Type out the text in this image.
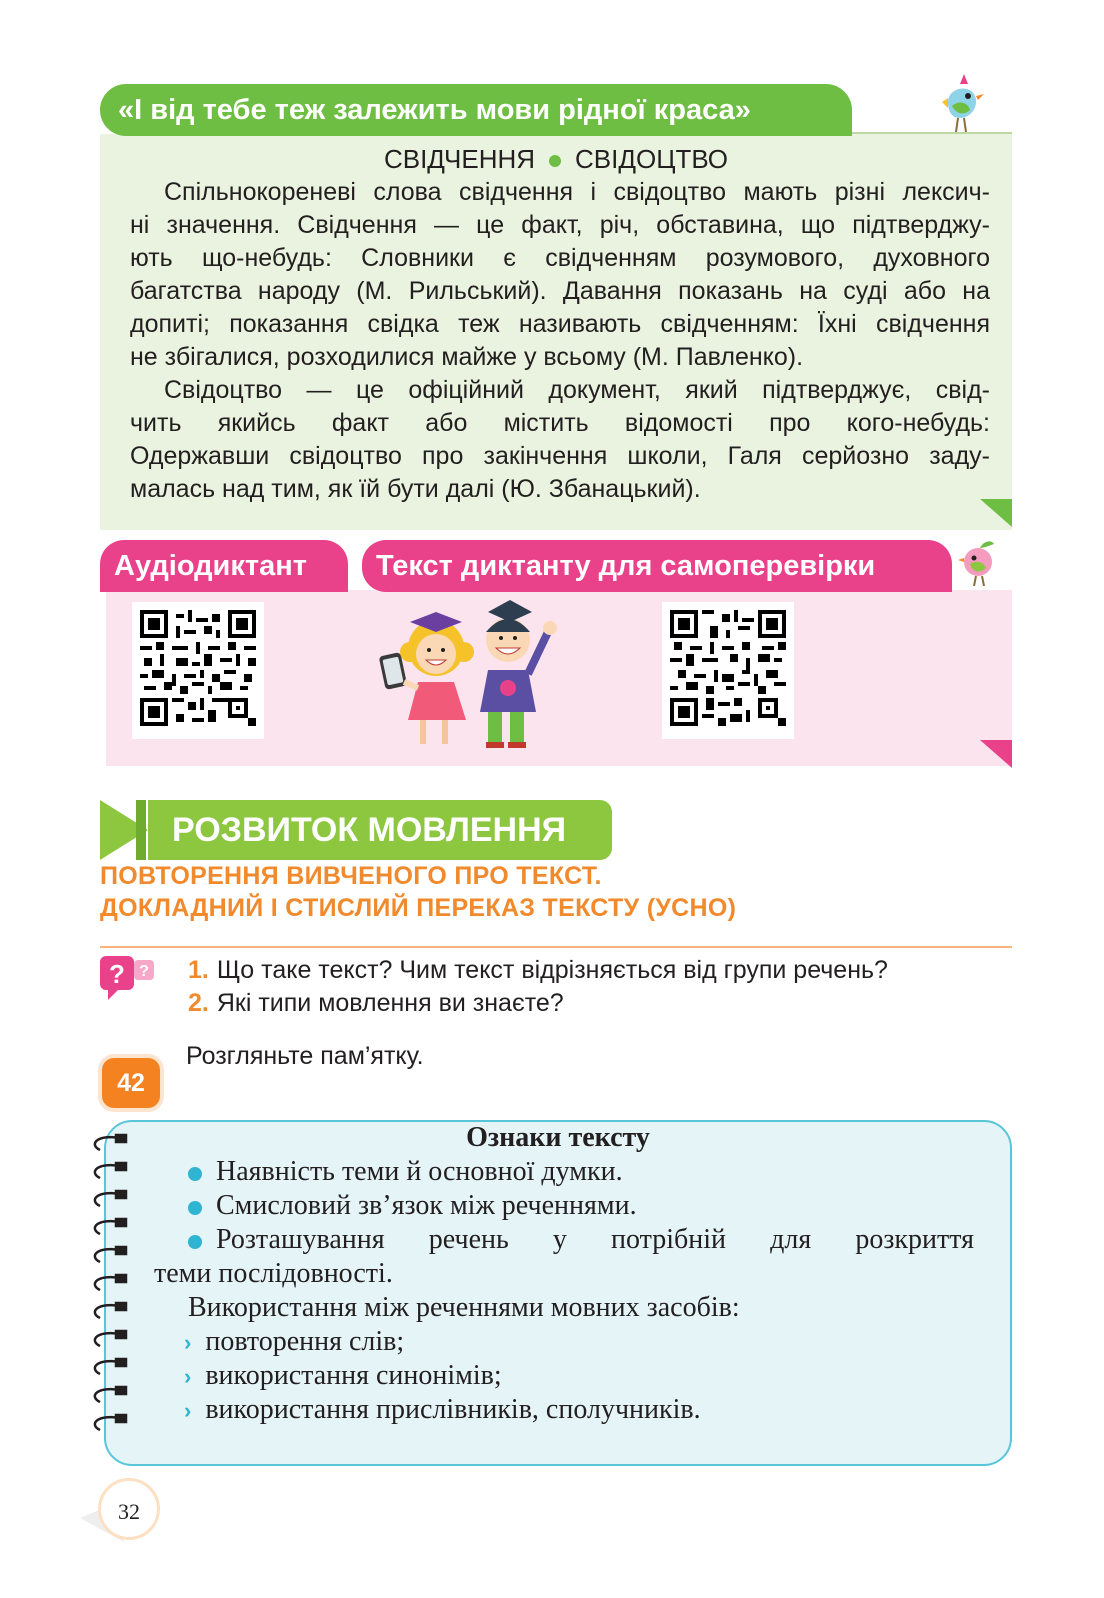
«І від тебе теж залежить мови рідної краса»
СВІДЧЕННЯ СВІДОЦТВО
Спільнокореневі слова свідчення і свідоцтво мають різні лексич-
ні значення. Свідчення — це факт, річ, обставина, що підтверджу-
ють що-небудь: Словники є свідченням розумового, духовного
багатства народу (М. Рильський). Давання показань на суді або на
допиті; показання свідка теж називають свідченням: Їхні свідчення
не збігалися, розходилися майже у всьому (М. Павленко).
Свідоцтво — це офіційний документ, який підтверджує, свід-
чить якийсь факт або містить відомості про кого-небудь:
Одержавши свідоцтво про закінчення школи, Галя серйозно заду-
малась над тим, як їй бути далі (Ю. Збанацький).
Аудіодиктант	Текст диктанту для самоперевірки
РОЗВИТОК МОВЛЕННЯ
ПОВТОРЕННЯ ВИВЧЕНОГО ПРО ТЕКСТ.
ДОКЛАДНИЙ І СТИСЛИЙ ПЕРЕКАЗ ТЕКСТУ (УСНО)
? ? 1. Що таке текст? Чим текст відрізняється від групи речень?
2. Які типи мовлення ви знаєте?
42
Розгляньте пам’ятку.
Ознаки тексту
Наявність теми й основної думки.
Смисловий зв’язок між реченнями.
Розташування речень у потрібній для розкриття
теми послідовності.
Використання між реченнями мовних засобів:
› повторення слів;
› використання синонімів;
› використання прислівників, сполучників.
32
